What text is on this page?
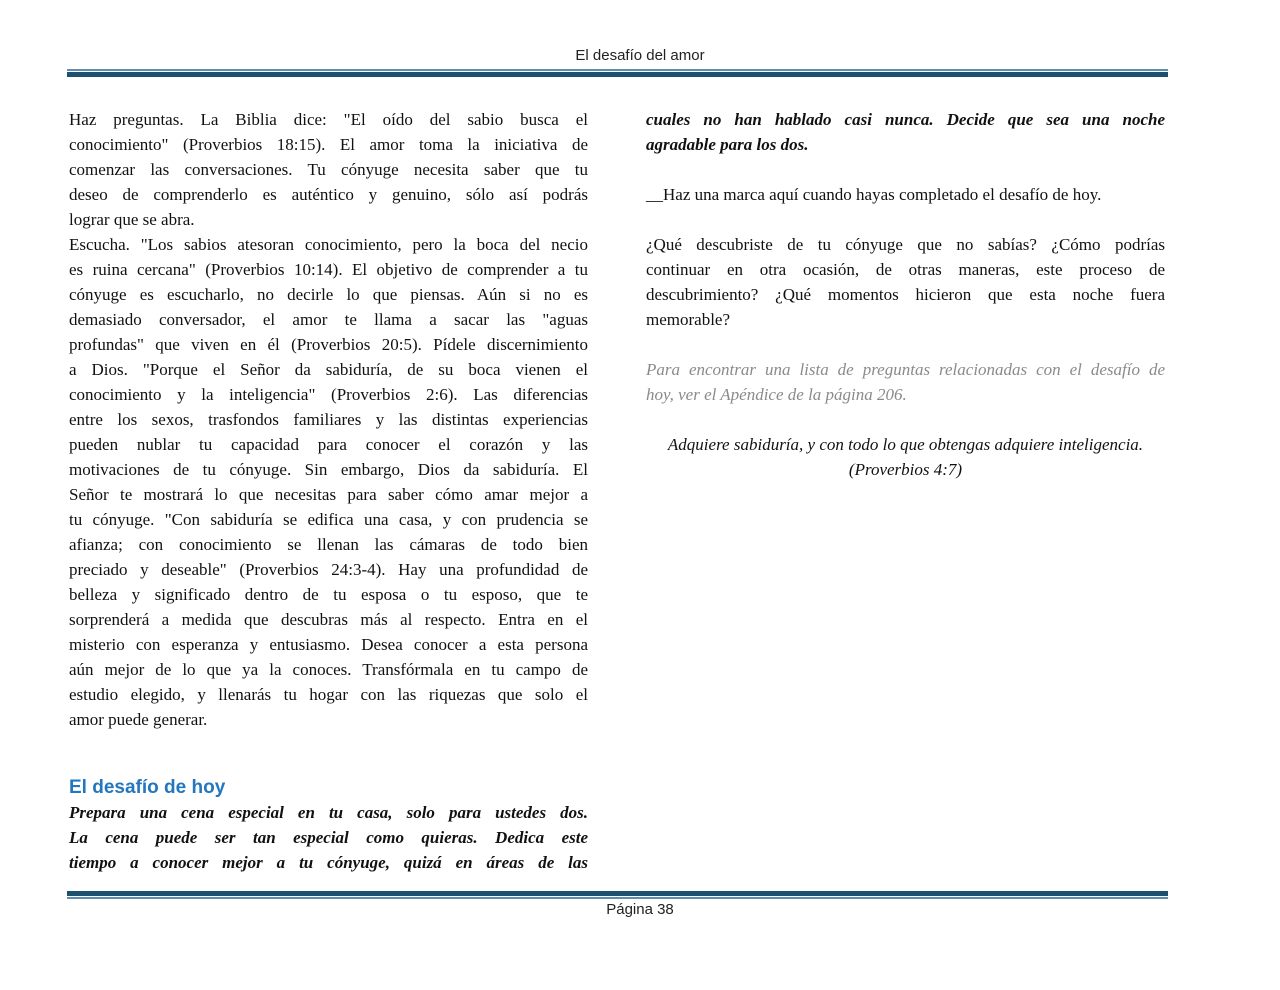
El desafío del amor
Haz preguntas. La Biblia dice: "El oído del sabio busca el
conocimiento" (Proverbios 18:15). El amor toma la iniciativa de
comenzar las conversaciones. Tu cónyuge necesita saber que tu
deseo de comprenderlo es auténtico y genuino, sólo así podrás
lograr que se abra.
Escucha. "Los sabios atesoran conocimiento, pero la boca del necio
es ruina cercana" (Proverbios 10:14). El objetivo de comprender a tu
cónyuge es escucharlo, no decirle lo que piensas. Aún si no es
demasiado conversador, el amor te llama a sacar las "aguas
profundas" que viven en él (Proverbios 20:5). Pídele discernimiento
a Dios. "Porque el Señor da sabiduría, de su boca vienen el
conocimiento y la inteligencia" (Proverbios 2:6). Las diferencias
entre los sexos, trasfondos familiares y las distintas experiencias
pueden nublar tu capacidad para conocer el corazón y las
motivaciones de tu cónyuge. Sin embargo, Dios da sabiduría. El
Señor te mostrará lo que necesitas para saber cómo amar mejor a
tu cónyuge. "Con sabiduría se edifica una casa, y con prudencia se
afianza; con conocimiento se llenan las cámaras de todo bien
preciado y deseable" (Proverbios 24:3-4). Hay una profundidad de
belleza y significado dentro de tu esposa o tu esposo, que te
sorprenderá a medida que descubras más al respecto. Entra en el
misterio con esperanza y entusiasmo. Desea conocer a esta persona
aún mejor de lo que ya la conoces. Transfórmala en tu campo de
estudio elegido, y llenarás tu hogar con las riquezas que solo el
amor puede generar.
El desafío de hoy
Prepara una cena especial en tu casa, solo para ustedes dos.
La cena puede ser tan especial como quieras. Dedica este
tiempo a conocer mejor a tu cónyuge, quizá en áreas de las
cuales no han hablado casi nunca. Decide que sea una noche
agradable para los dos.
__Haz una marca aquí cuando hayas completado el desafío de hoy.
¿Qué descubriste de tu cónyuge que no sabías? ¿Cómo podrías
continuar en otra ocasión, de otras maneras, este proceso de
descubrimiento? ¿Qué momentos hicieron que esta noche fuera
memorable?
Para encontrar una lista de preguntas relacionadas con el desafío de
hoy, ver el Apéndice de la página 206.
Adquiere sabiduría, y con todo lo que obtengas adquiere inteligencia.
(Proverbios 4:7)
Página 38
